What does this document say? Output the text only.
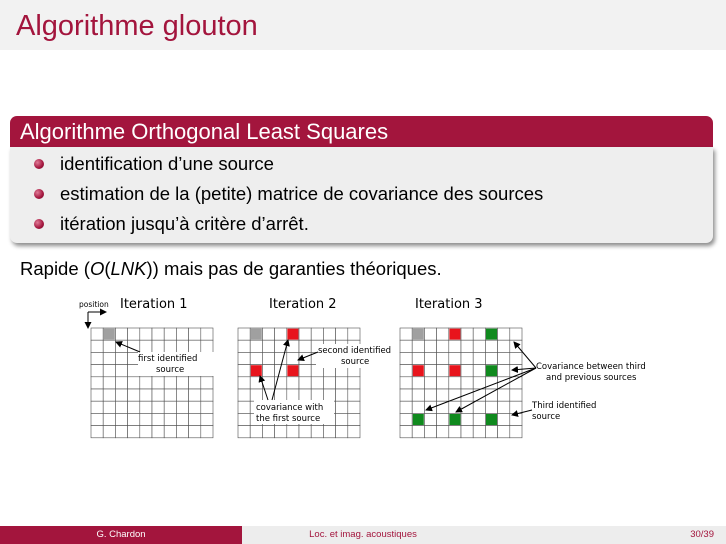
Algorithme glouton
Algorithme Orthogonal Least Squares
identification d’une source
estimation de la (petite) matrice de covariance des sources
itération jusqu’à critère d’arrêt.
Rapide (O(LNK)) mais pas de garanties théoriques.
position Iteration 1	Iteration 2	Iteration 3
first identified
source
second identified
source
covariance with
the first source
Covariance between third
and previous sources
Third identified
source
G. Chardon	Loc. et imag. acoustiques	30/39
